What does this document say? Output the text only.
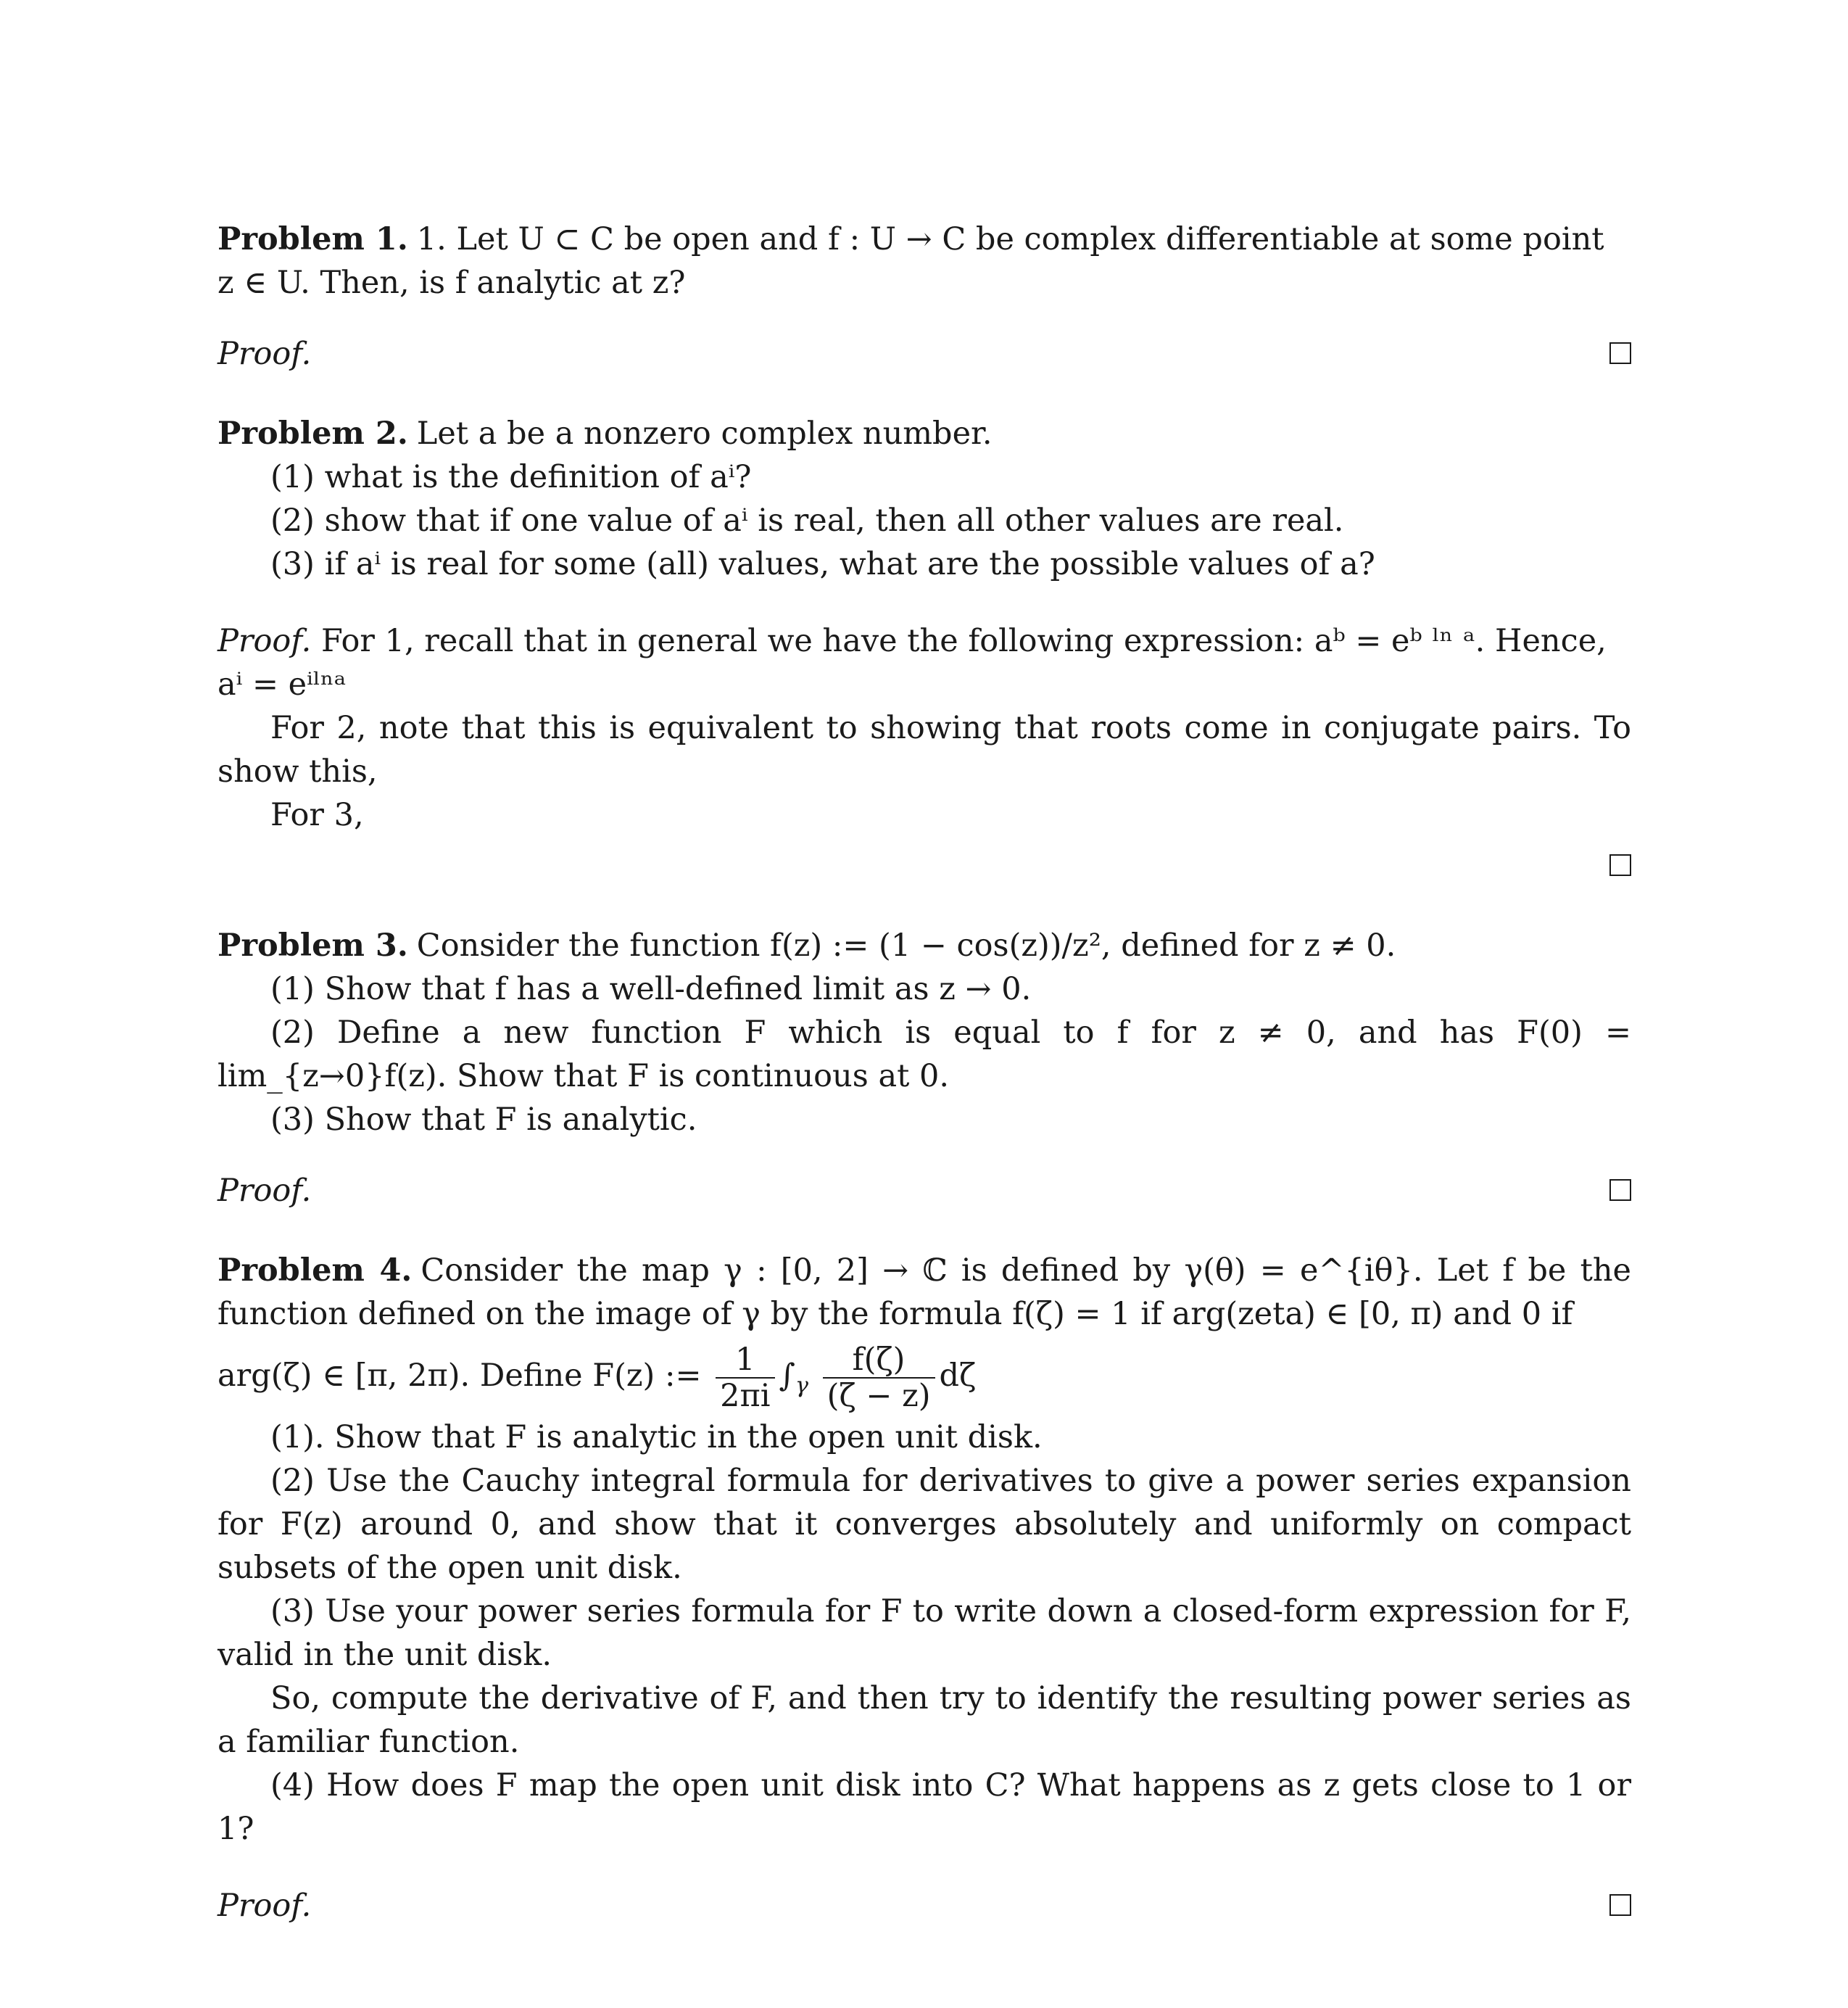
Problem 1. 1. Let U ⊂ C be open and f : U → C be complex differentiable at some point

z ∈ U. Then, is f analytic at z?

Proof.

Problem 2. Let a be a nonzero complex number.

(1) what is the definition of aⁱ?

(2) show that if one value of aⁱ is real, then all other values are real.

(3) if aⁱ is real for some (all) values, what are the possible values of a?

Proof. For 1, recall that in general we have the following expression: aᵇ = eᵇ ˡⁿ ᵃ. Hence,

aⁱ = eⁱˡⁿᵃ

For 2, note that this is equivalent to showing that roots come in conjugate pairs. To show this,

For 3,

Problem 3. Consider the function f(z) := (1 − cos(z))/z², defined for z ≠ 0.

(1) Show that f has a well-defined limit as z → 0.

(2) Define a new function F which is equal to f for z ≠ 0, and has F(0) = lim_{z→0}f(z). Show that F is continuous at 0.

(3) Show that F is analytic.

Proof.

Problem 4. Consider the map γ : [0, 2] → ℂ is defined by γ(θ) = e^{iθ}. Let f be the function defined on the image of γ by the formula f(ζ) = 1 if arg(zeta) ∈ [0, π) and 0 if

arg(ζ) ∈ [π, 2π). Define F(z) := $\frac{1}{2\pi i} \int_\gamma \frac{f(\zeta)}{(\zeta - z)}$ dζ

(1). Show that F is analytic in the open unit disk.

(2) Use the Cauchy integral formula for derivatives to give a power series expansion for F(z) around 0, and show that it converges absolutely and uniformly on compact subsets of the open unit disk.

(3) Use your power series formula for F to write down a closed-form expression for F, valid in the unit disk.

So, compute the derivative of F, and then try to identify the resulting power series as a familiar function.

(4) How does F map the open unit disk into C? What happens as z gets close to 1 or 1?

Proof.
